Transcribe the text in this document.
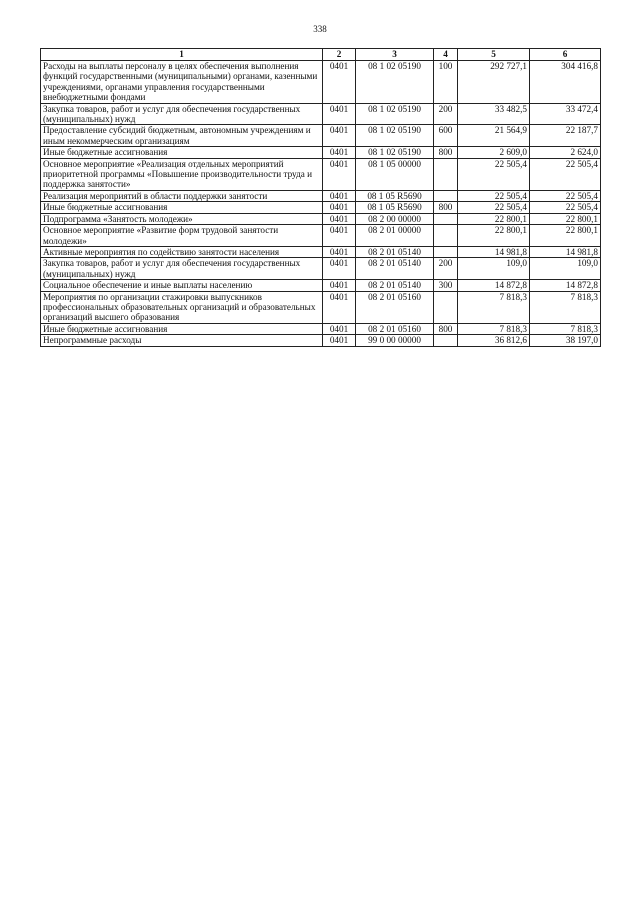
338
1	2	3	4	5	6
Расходы на выплаты персоналу в целях обеспечения выполнения функций государственными (муниципальными) органами, казенными учреждениями, органами управления государственными внебюджетными фондами	0401	08 1 02 05190	100	292 727,1	304 416,8
Закупка товаров, работ и услуг для обеспечения государственных (муниципальных) нужд	0401	08 1 02 05190	200	33 482,5	33 472,4
Предоставление субсидий бюджетным, автономным учреждениям и иным некоммерческим организациям	0401	08 1 02 05190	600	21 564,9	22 187,7
Иные бюджетные ассигнования	0401	08 1 02 05190	800	2 609,0	2 624,0
Основное мероприятие «Реализация отдельных мероприятий приоритетной программы «Повышение производительности труда и поддержка занятости»	0401	08 1 05 00000		22 505,4	22 505,4
Реализация мероприятий в области поддержки занятости	0401	08 1 05 R5690		22 505,4	22 505,4
Иные бюджетные ассигнования	0401	08 1 05 R5690	800	22 505,4	22 505,4
Подпрограмма «Занятость молодежи»	0401	08 2 00 00000		22 800,1	22 800,1
Основное мероприятие «Развитие форм трудовой занятости молодежи»	0401	08 2 01 00000		22 800,1	22 800,1
Активные мероприятия по содействию занятости населения	0401	08 2 01 05140		14 981,8	14 981,8
Закупка товаров, работ и услуг для обеспечения государственных (муниципальных) нужд	0401	08 2 01 05140	200	109,0	109,0
Социальное обеспечение и иные выплаты населению	0401	08 2 01 05140	300	14 872,8	14 872,8
Мероприятия по организации стажировки выпускников профессиональных образовательных организаций и образовательных организаций высшего образования	0401	08 2 01 05160		7 818,3	7 818,3
Иные бюджетные ассигнования	0401	08 2 01 05160	800	7 818,3	7 818,3
Непрограммные расходы	0401	99 0 00 00000		36 812,6	38 197,0
